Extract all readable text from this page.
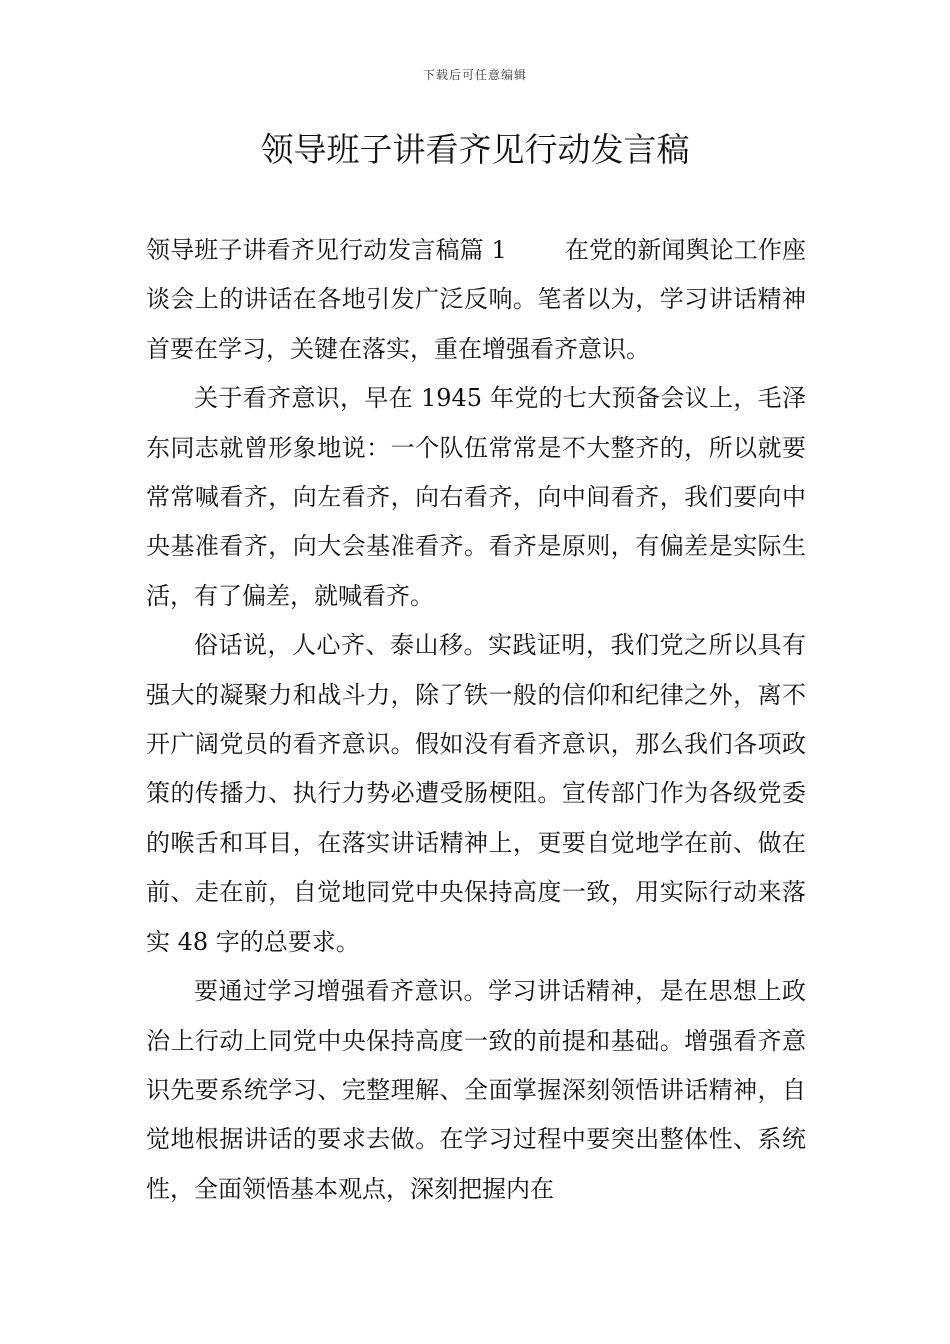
下载后可任意编辑
领导班子讲看齐见行动发言稿

领导班子讲看齐见行动发言稿篇 1 在党的新闻舆论工作座谈会上的讲话在各地引发广泛反响。笔者以为，学习讲话精神首要在学习，关键在落实，重在增强看齐意识。

关于看齐意识，早在 1945 年党的七大预备会议上，毛泽东同志就曾形象地说：一个队伍常常是不大整齐的，所以就要常常喊看齐，向左看齐，向右看齐，向中间看齐，我们要向中央基准看齐，向大会基准看齐。看齐是原则，有偏差是实际生活，有了偏差，就喊看齐。

俗话说，人心齐、泰山移。实践证明，我们党之所以具有强大的凝聚力和战斗力，除了铁一般的信仰和纪律之外，离不开广阔党员的看齐意识。假如没有看齐意识，那么我们各项政策的传播力、执行力势必遭受肠梗阻。宣传部门作为各级党委的喉舌和耳目，在落实讲话精神上，更要自觉地学在前、做在前、走在前，自觉地同党中央保持高度一致，用实际行动来落实 48 字的总要求。

要通过学习增强看齐意识。学习讲话精神，是在思想上政治上行动上同党中央保持高度一致的前提和基础。增强看齐意识先要系统学习、完整理解、全面掌握深刻领悟讲话精神，自觉地根据讲话的要求去做。在学习过程中要突出整体性、系统性，全面领悟基本观点，深刻把握内在
